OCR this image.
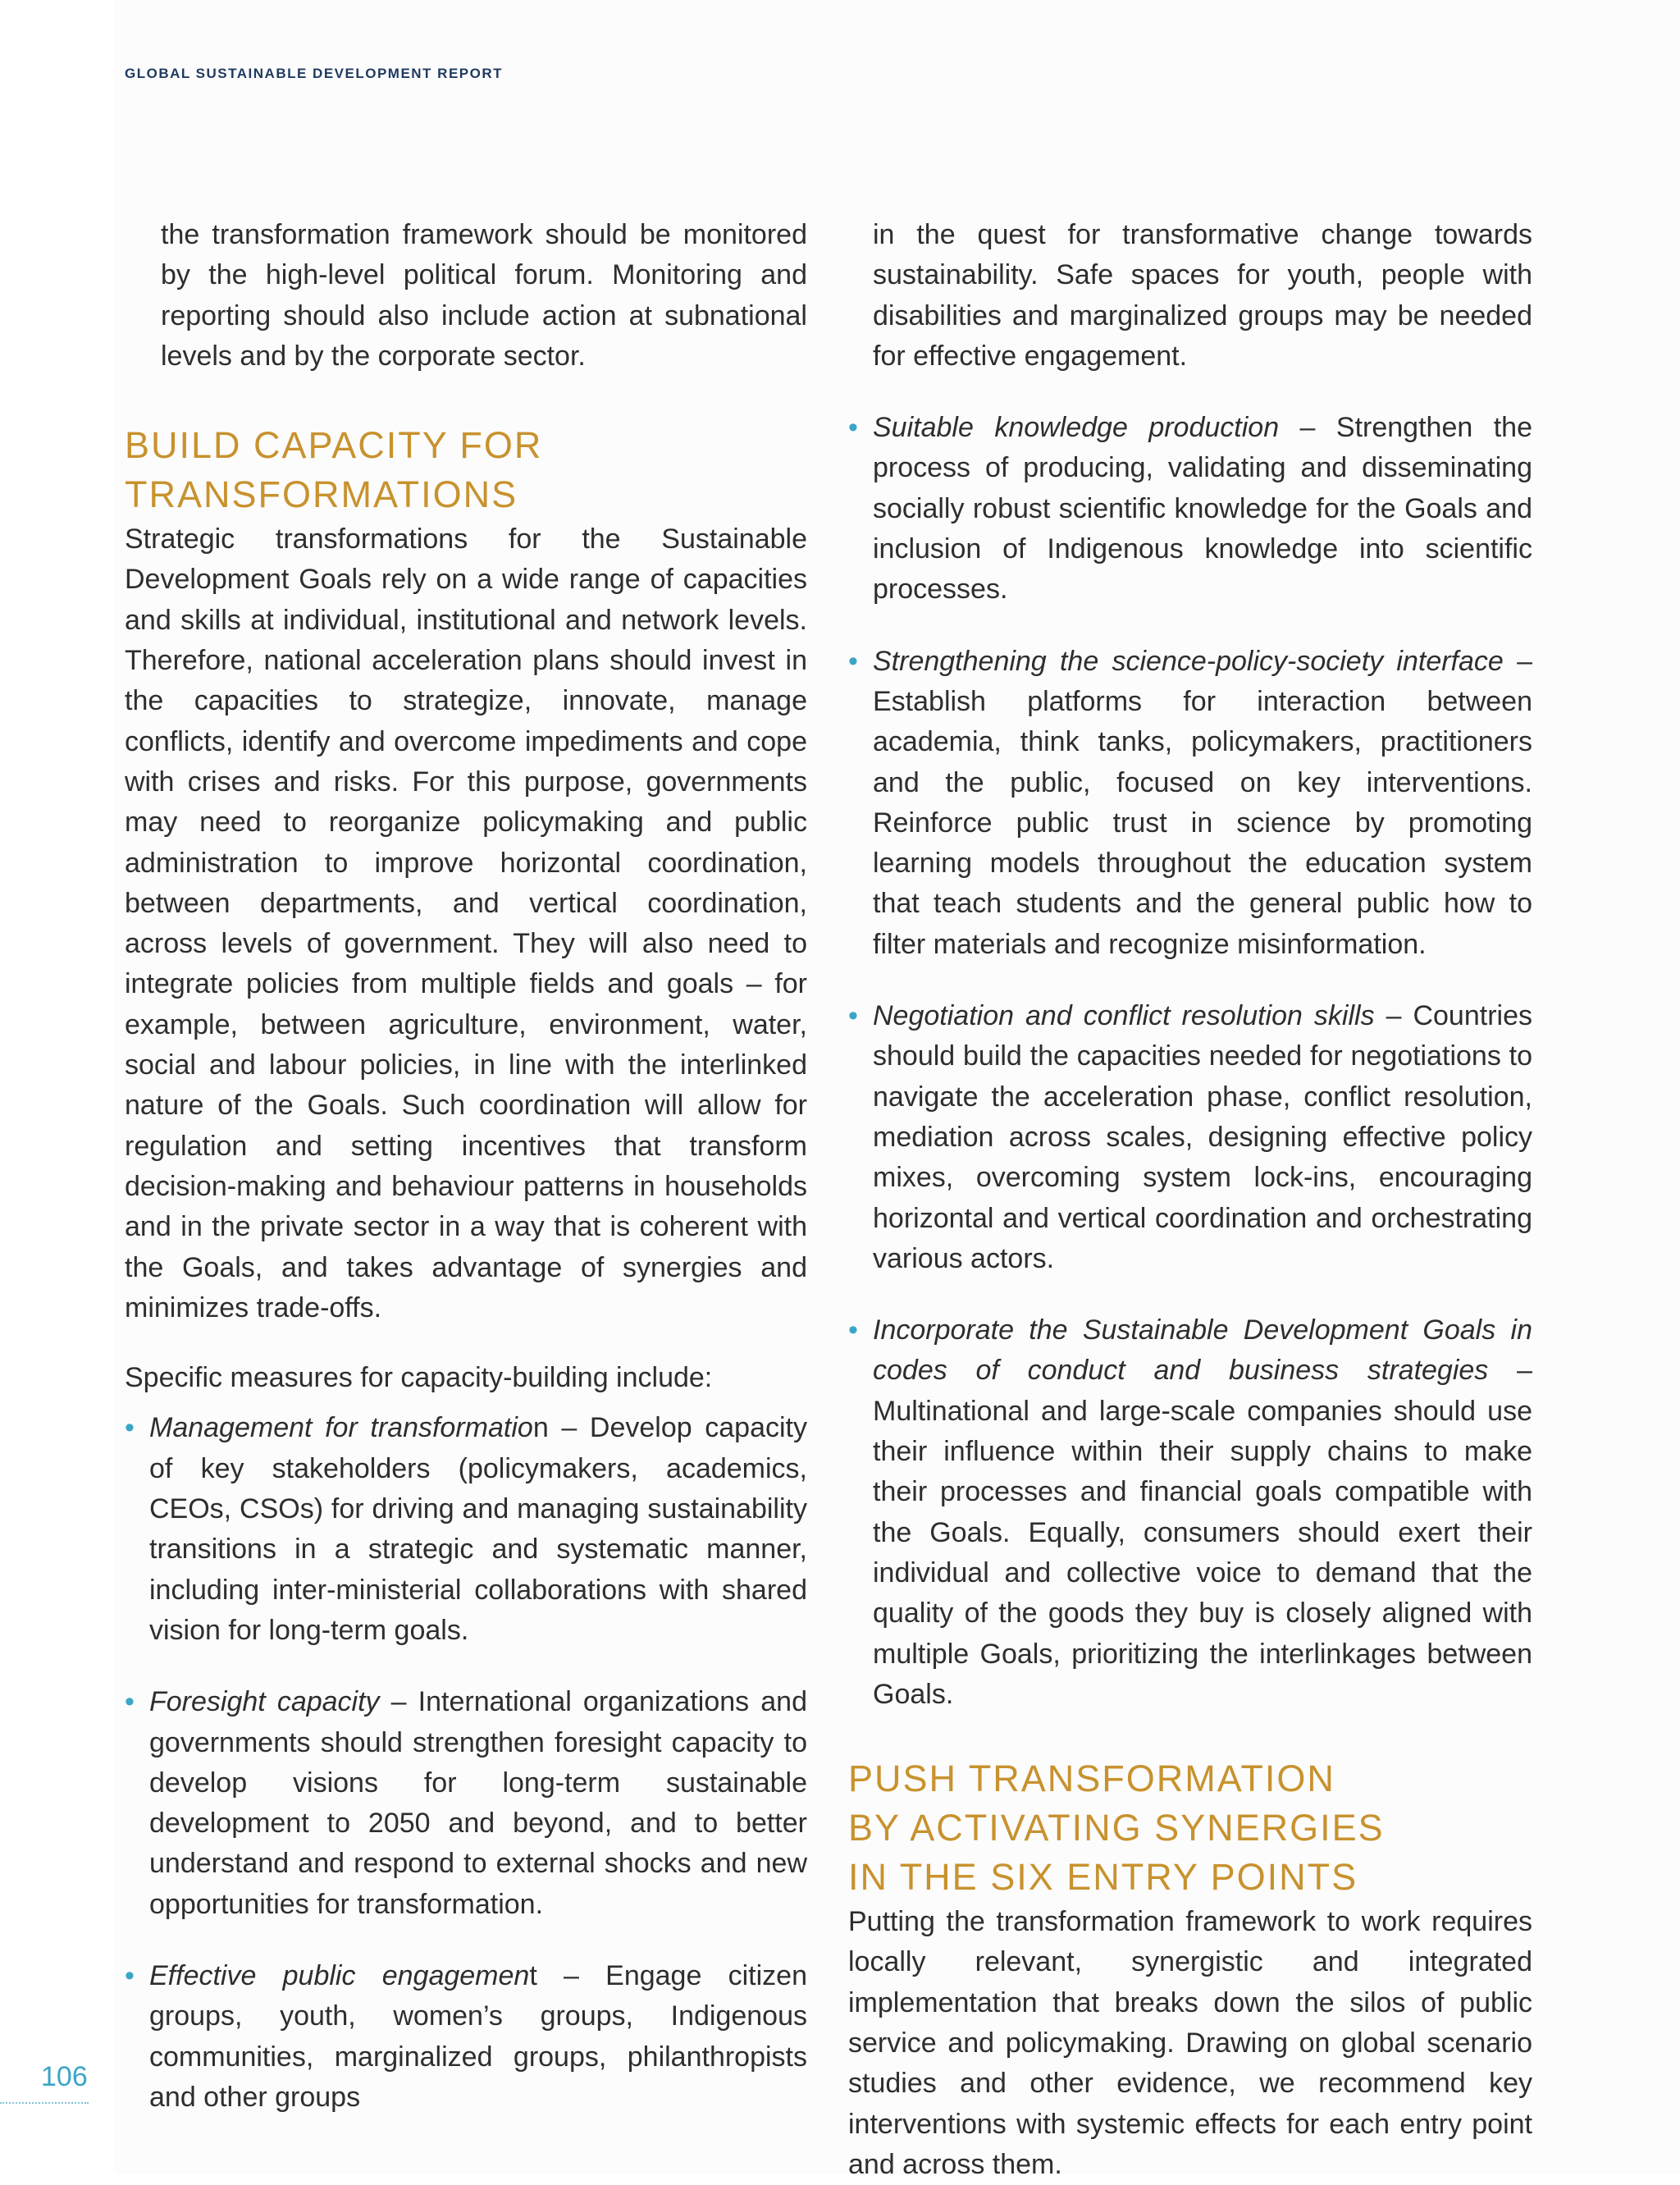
GLOBAL SUSTAINABLE DEVELOPMENT REPORT

the transformation framework should be monitored by the high-level political forum. Monitoring and reporting should also include action at subnational levels and by the corporate sector.

BUILD CAPACITY FOR
TRANSFORMATIONS

Strategic transformations for the Sustainable Development Goals rely on a wide range of capacities and skills at individual, institutional and network levels. Therefore, national acceleration plans should invest in the capacities to strategize, innovate, manage conflicts, identify and overcome impediments and cope with crises and risks. For this purpose, governments may need to reorganize policymaking and public administration to improve horizontal coordination, between departments, and vertical coordination, across levels of government. They will also need to integrate policies from multiple fields and goals – for example, between agriculture, environment, water, social and labour policies, in line with the interlinked nature of the Goals. Such coordination will allow for regulation and setting incentives that transform decision-making and behaviour patterns in households and in the private sector in a way that is coherent with the Goals, and takes advantage of synergies and minimizes trade-offs.

Specific measures for capacity-building include:

• Management for transformation – Develop capacity of key stakeholders (policymakers, academics, CEOs, CSOs) for driving and managing sustainability transitions in a strategic and systematic manner, including inter-ministerial collaborations with shared vision for long-term goals.

• Foresight capacity – International organizations and governments should strengthen foresight capacity to develop visions for long-term sustainable development to 2050 and beyond, and to better understand and respond to external shocks and new opportunities for transformation.

• Effective public engagement – Engage citizen groups, youth, women’s groups, Indigenous communities, marginalized groups, philanthropists and other groups

in the quest for transformative change towards sustainability. Safe spaces for youth, people with disabilities and marginalized groups may be needed for effective engagement.

• Suitable knowledge production – Strengthen the process of producing, validating and disseminating socially robust scientific knowledge for the Goals and inclusion of Indigenous knowledge into scientific processes.

• Strengthening the science-policy-society interface – Establish platforms for interaction between academia, think tanks, policymakers, practitioners and the public, focused on key interventions. Reinforce public trust in science by promoting learning models throughout the education system that teach students and the general public how to filter materials and recognize misinformation.

• Negotiation and conflict resolution skills – Countries should build the capacities needed for negotiations to navigate the acceleration phase, conflict resolution, mediation across scales, designing effective policy mixes, overcoming system lock-ins, encouraging horizontal and vertical coordination and orchestrating various actors.

• Incorporate the Sustainable Development Goals in codes of conduct and business strategies – Multinational and large-scale companies should use their influence within their supply chains to make their processes and financial goals compatible with the Goals. Equally, consumers should exert their individual and collective voice to demand that the quality of the goods they buy is closely aligned with multiple Goals, prioritizing the interlinkages between Goals.

PUSH TRANSFORMATION
BY ACTIVATING SYNERGIES
IN THE SIX ENTRY POINTS

Putting the transformation framework to work requires locally relevant, synergistic and integrated implementation that breaks down the silos of public service and policymaking. Drawing on global scenario studies and other evidence, we recommend key interventions with systemic effects for each entry point and across them.

106
